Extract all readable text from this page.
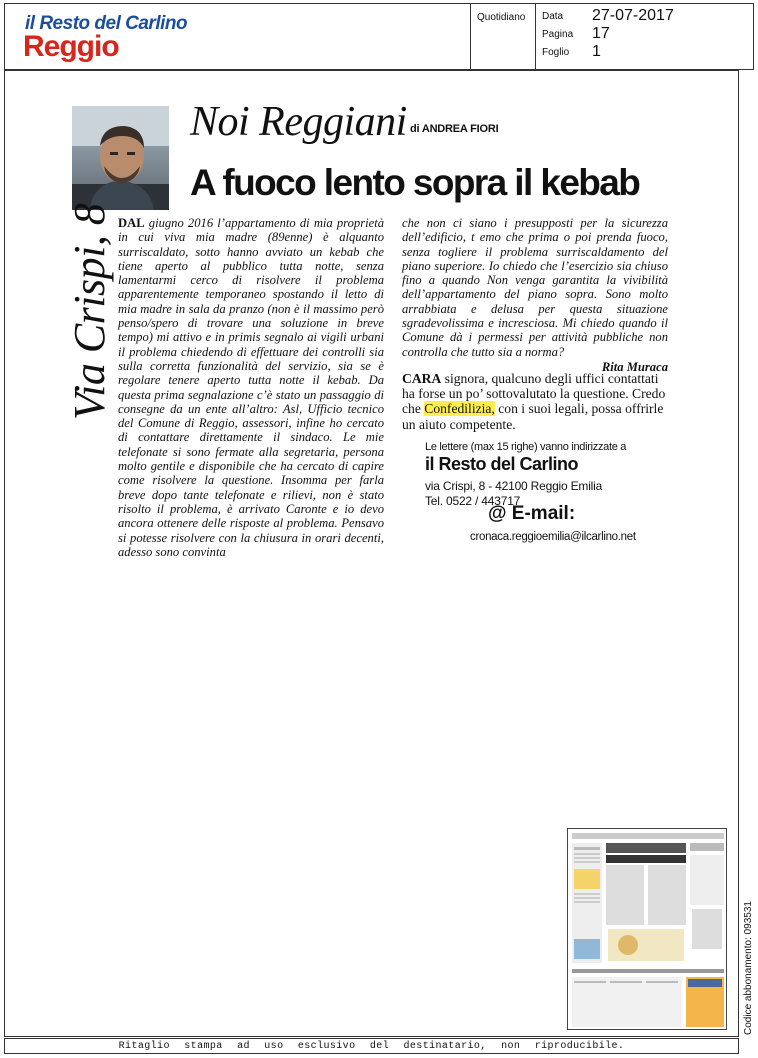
il Resto del Carlino
Reggio
Quotidiano Data 27-07-2017
Pagina 17
Foglio 1
Noi Reggiani di ANDREA FIORI
A fuoco lento sopra il kebab
Via Crispi, 8 DAL giugno 2016 l’appartamento di mia proprietà in cui viva mia madre (89enne) è alquanto surriscaldato, sotto hanno avviato un kebab che tiene aperto al pubblico tutta notte, senza lamentarmi cerco di risolvere il problema apparentemente temporaneo spostando il letto di mia madre in sala da pranzo (non è il massimo però penso/spero di trovare una soluzione in breve tempo) mi attivo e in primis segnalo ai vigili urbani il problema chiedendo di effettuare dei controlli sia sulla corretta funzionalità del servizio, sia se è regolare tenere aperto tutta notte il kebab. Da questa prima segnalazione c’è stato un passaggio di consegne da un ente all’altro: Asl, Ufficio tecnico del Comune di Reggio, assessori, infine ho cercato di contattare direttamente il sindaco. Le mie telefonate si sono fermate alla segretaria, persona molto gentile e disponibile che ha cercato di capire come risolvere la questione. Insomma per farla breve dopo tante telefonate e rilievi, non è stato risolto il problema, è arrivato Caronte e io devo ancora ottenere delle risposte al problema. Pensavo si potesse risolvere con la chiusura in orari decenti, adesso sono convinta
che non ci siano i presupposti per la sicurezza dell’edificio, t emo che prima o poi prenda fuoco, senza togliere il problema surriscaldamento del piano superiore. Io chiedo che l’esercizio sia chiuso fino a quando Non venga garantita la vivibilità dell’appartamento del piano sopra. Sono molto arrabbiata e delusa per questa situazione sgradevolissima e incresciosa. Mi chiedo quando il Comune dà i permessi per attività pubbliche non controlla che tutto sia a norma?
Rita Muraca
CARA signora, qualcuno degli uffici contattati ha forse un po’ sottovalutato la questione. Credo che Confedilizia, con i suoi legali, possa offrirle un aiuto competente.
Le lettere (max 15 righe) vanno indirizzate a
il Resto del Carlino
via Crispi, 8 - 42100 Reggio Emilia
Tel. 0522 / 443717
@ E-mail:
cronaca.reggioemilia@ilcarlino.net
Codice abbonamento: 093531
Ritaglio stampa ad uso esclusivo del destinatario, non riproducibile.
